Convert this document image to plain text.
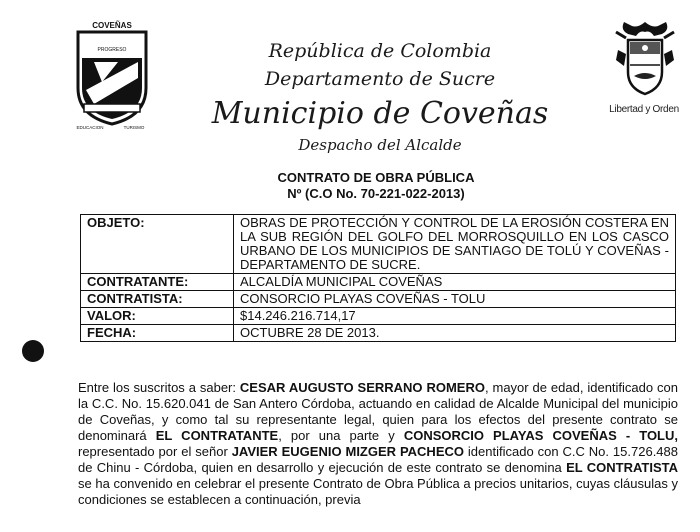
COVEÑAS
PROGRESO
EDUCACION	TURISMO
Libertad y Orden
República de Colombia
Departamento de Sucre
Municipio de Coveñas
Despacho del Alcalde
CONTRATO DE OBRA PÚBLICA
Nº (C.O No. 70-221-022-2013)
OBJETO:	OBRAS DE PROTECCIÓN Y CONTROL DE LA EROSIÓN COSTERA EN LA SUB REGIÓN DEL GOLFO DEL MORROSQUILLO EN LOS CASCO URBANO DE LOS MUNICIPIOS DE SANTIAGO DE TOLÚ Y COVEÑAS - DEPARTAMENTO DE SUCRE.
CONTRATANTE:	ALCALDÍA MUNICIPAL COVEÑAS
CONTRATISTA:	CONSORCIO PLAYAS COVEÑAS - TOLU
VALOR:	$14.246.216.714,17
FECHA:	OCTUBRE 28 DE 2013.
Entre los suscritos a saber: CESAR AUGUSTO SERRANO ROMERO, mayor de edad, identificado con la C.C. No. 15.620.041 de San Antero Córdoba, actuando en calidad de Alcalde Municipal del municipio de Coveñas, y como tal su representante legal, quien para los efectos del presente contrato se denominará EL CONTRATANTE, por una parte y CONSORCIO PLAYAS COVEÑAS - TOLU, representado por el señor JAVIER EUGENIO MIZGER PACHECO identificado con C.C No. 15.726.488 de Chinu - Córdoba, quien en desarrollo y ejecución de este contrato se denomina EL CONTRATISTA se ha convenido en celebrar el presente Contrato de Obra Pública a precios unitarios, cuyas cláusulas y condiciones se establecen a continuación, previa
